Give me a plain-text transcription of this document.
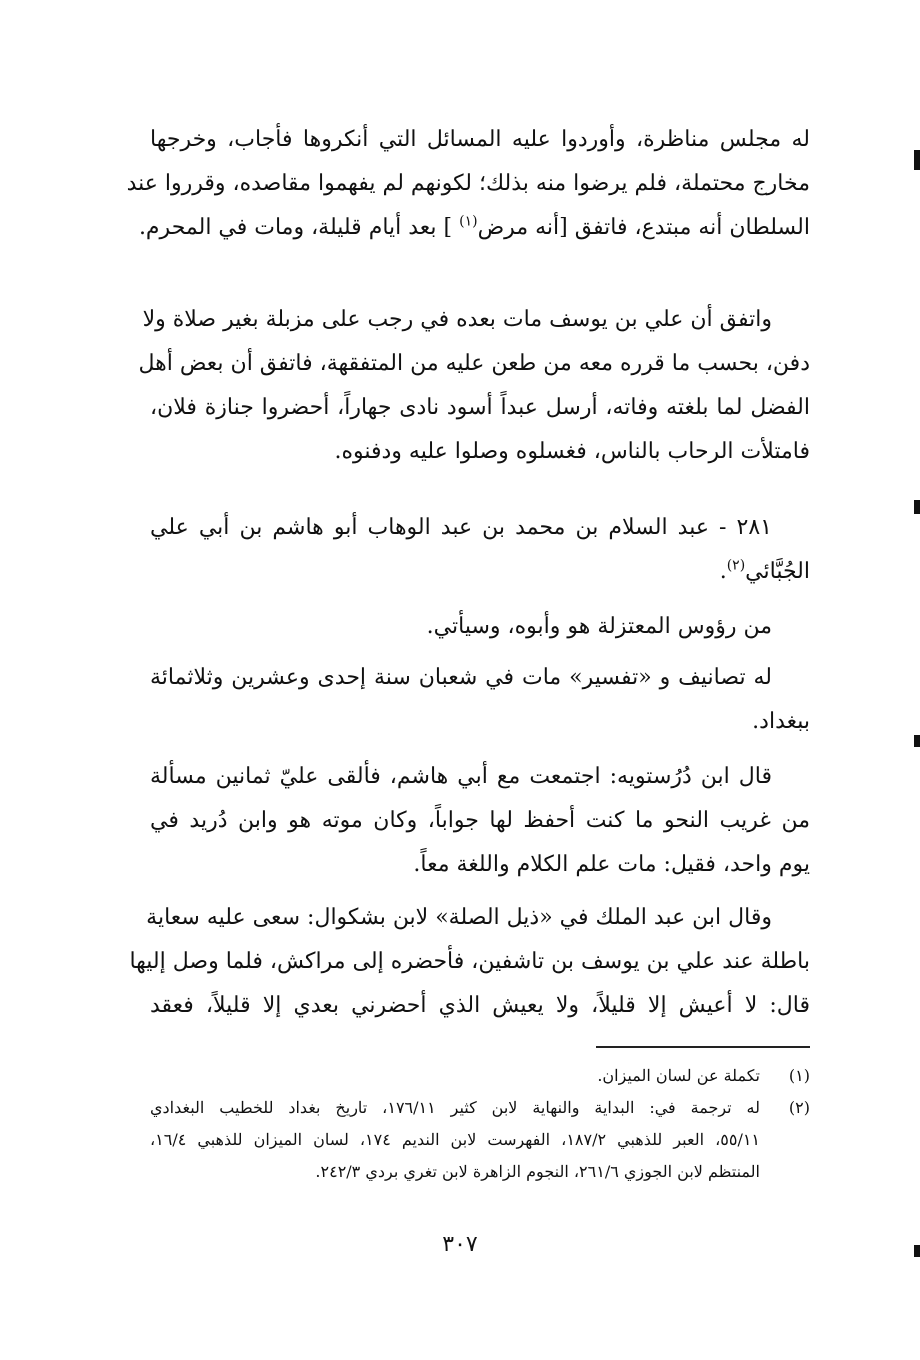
له مجلس مناظرة، وأوردوا عليه المسائل التي أنكروها فأجاب، وخرجها
مخارج محتملة، فلم يرضوا منه بذلك؛ لكونهم لم يفهموا مقاصده، وقرروا عند
السلطان أنه مبتدع، فاتفق [أنه مرض$^{(١)}$ ] بعد أيام قليلة، ومات في المحرم.
واتفق أن علي بن يوسف مات بعده في رجب على مزبلة بغير صلاة ولا
دفن، بحسب ما قرره معه من طعن عليه من المتفقهة، فاتفق أن بعض أهل
الفضل لما بلغته وفاته، أرسل عبداً أسود نادى جهاراً، أحضروا جنازة فلان،
فامتلأت الرحاب بالناس، فغسلوه وصلوا عليه ودفنوه.
٢٨١ - عبد السلام بن محمد بن عبد الوهاب أبو هاشم بن أبي علي
الجُبَّائي$^{(٢)}$.
من رؤوس المعتزلة هو وأبوه، وسيأتي.
له تصانيف و «تفسير» مات في شعبان سنة إحدى وعشرين وثلاثمائة
ببغداد.
قال ابن دُرُستويه: اجتمعت مع أبي هاشم، فألقى عليّ ثمانين مسألة
من غريب النحو ما كنت أحفظ لها جواباً، وكان موته هو وابن دُريد في
يوم واحد، فقيل: مات علم الكلام واللغة معاً.
وقال ابن عبد الملك في «ذيل الصلة» لابن بشكوال: سعى عليه سعاية
باطلة عند علي بن يوسف بن تاشفين، فأحضره إلى مراكش، فلما وصل إليها
قال: لا أعيش إلا قليلاً، ولا يعيش الذي أحضرني بعدي إلا قليلاً، فعقد
(١)تكملة عن لسان الميزان.
(٢)له ترجمة في: البداية والنهاية لابن كثير ١٧٦/١١، تاريخ بغداد للخطيب البغدادي
٥٥/١١، العبر للذهبي ١٨٧/٢، الفهرست لابن النديم ١٧٤، لسان الميزان للذهبي ١٦/٤،
المنتظم لابن الجوزي ٢٦١/٦، النجوم الزاهرة لابن تغري بردي ٢٤٢/٣.
٣٠٧
